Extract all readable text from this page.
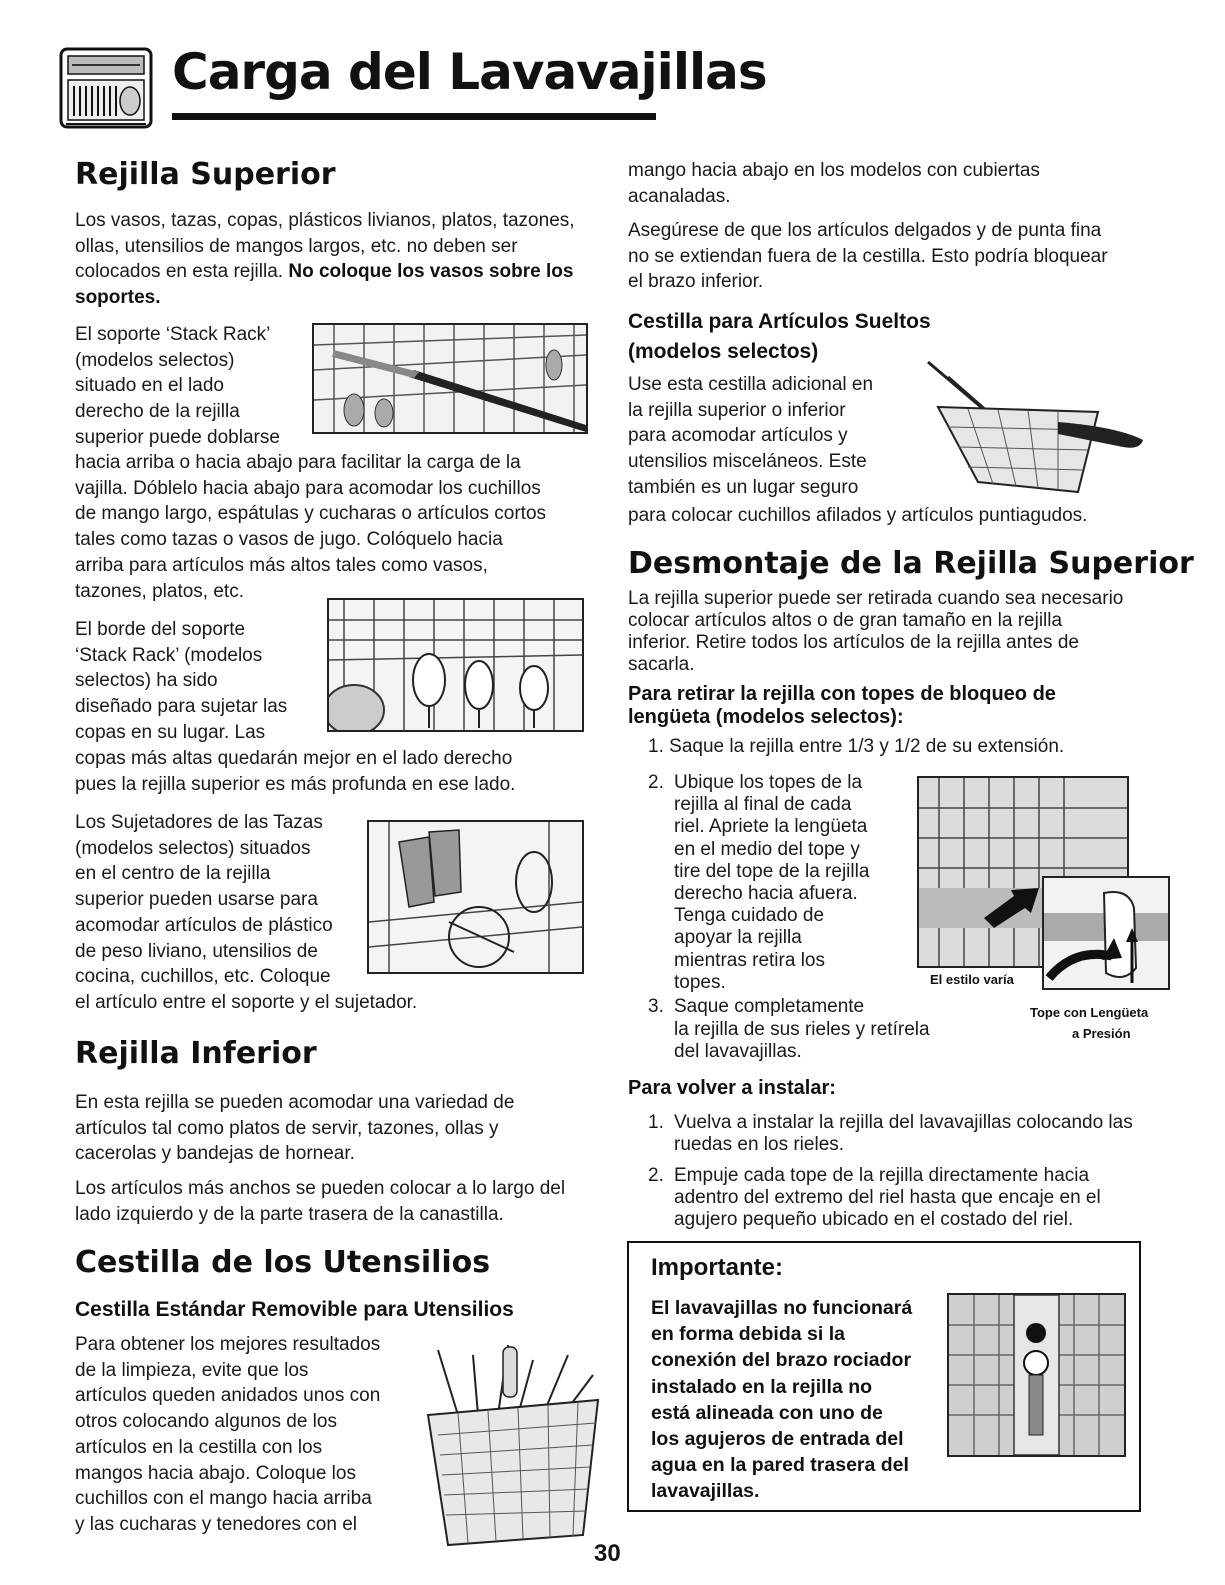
Carga del Lavavajillas
Rejilla Superior
Los vasos, tazas, copas, plásticos livianos, platos, tazones, ollas, utensilios de mangos largos, etc. no deben ser colocados en esta rejilla. No coloque los vasos sobre los soportes.
El soporte ‘Stack Rack’
(modelos selectos)
situado en el lado
derecho de la rejilla
superior puede doblarse
hacia arriba o hacia abajo para facilitar la carga de la
vajilla. Dóblelo hacia abajo para acomodar los cuchillos
de mango largo, espátulas y cucharas o artículos cortos
tales como tazas o vasos de jugo. Colóquelo hacia
arriba para artículos más altos tales como vasos,
tazones, platos, etc.
El borde del soporte
‘Stack Rack’ (modelos
selectos) ha sido
diseñado para sujetar las
copas en su lugar. Las
copas más altas quedarán mejor en el lado derecho
pues la rejilla superior es más profunda en ese lado.
Los Sujetadores de las Tazas
(modelos selectos) situados
en el centro de la rejilla
superior pueden usarse para
acomodar artículos de plástico
de peso liviano, utensilios de
cocina, cuchillos, etc. Coloque
el artículo entre el soporte y el sujetador.
Rejilla Inferior

En esta rejilla se pueden acomodar una variedad de artículos tal como platos de servir, tazones, ollas y cacerolas y bandejas de hornear.

Los artículos más anchos se pueden colocar a lo largo del lado izquierdo y de la parte trasera de la canastilla.

Cestilla de los Utensilios
Cestilla Estándar Removible para Utensilios
Para obtener los mejores resultados
de la limpieza, evite que los
artículos queden anidados unos con
otros colocando algunos de los
artículos en la cestilla con los
mangos hacia abajo. Coloque los
cuchillos con el mango hacia arriba
y las cucharas y tenedores con el

mango hacia abajo en los modelos con cubiertas acanaladas.

Asegúrese de que los artículos delgados y de punta fina no se extiendan fuera de la cestilla. Esto podría bloquear el brazo inferior.

Cestilla para Artículos Sueltos
(modelos selectos)
Use esta cestilla adicional en
la rejilla superior o inferior
para acomodar artículos y
utensilios misceláneos. Este
también es un lugar seguro
para colocar cuchillos afilados y artículos puntiagudos.
Desmontaje de la Rejilla Superior

La rejilla superior puede ser retirada cuando sea necesario colocar artículos altos o de gran tamaño en la rejilla inferior. Retire todos los artículos de la rejilla antes de sacarla.

Para retirar la rejilla con topes de bloqueo de lengüeta (modelos selectos):
1. Saque la rejilla entre 1/3 y 1/2 de su extensión.
2. Ubique los topes de la
rejilla al final de cada
riel. Apriete la lengüeta
en el medio del tope y
tire del tope de la rejilla
derecho hacia afuera.
Tenga cuidado de
apoyar la rejilla
mientras retira los
topes.	El estilo varía
Tope con Lengüeta
a Presión
3. Saque completamente
la rejilla de sus rieles y retírela
del lavavajillas.
Para volver a instalar:
1. Vuelva a instalar la rejilla del lavavajillas colocando las ruedas en los rieles.
2. Empuje cada tope de la rejilla directamente hacia adentro del extremo del riel hasta que encaje en el agujero pequeño ubicado en el costado del riel.
Importante:
El lavavajillas no funcionará
en forma debida si la
conexión del brazo rociador
instalado en la rejilla no
está alineada con uno de
los agujeros de entrada del
agua en la pared trasera del
lavavajillas.
30
